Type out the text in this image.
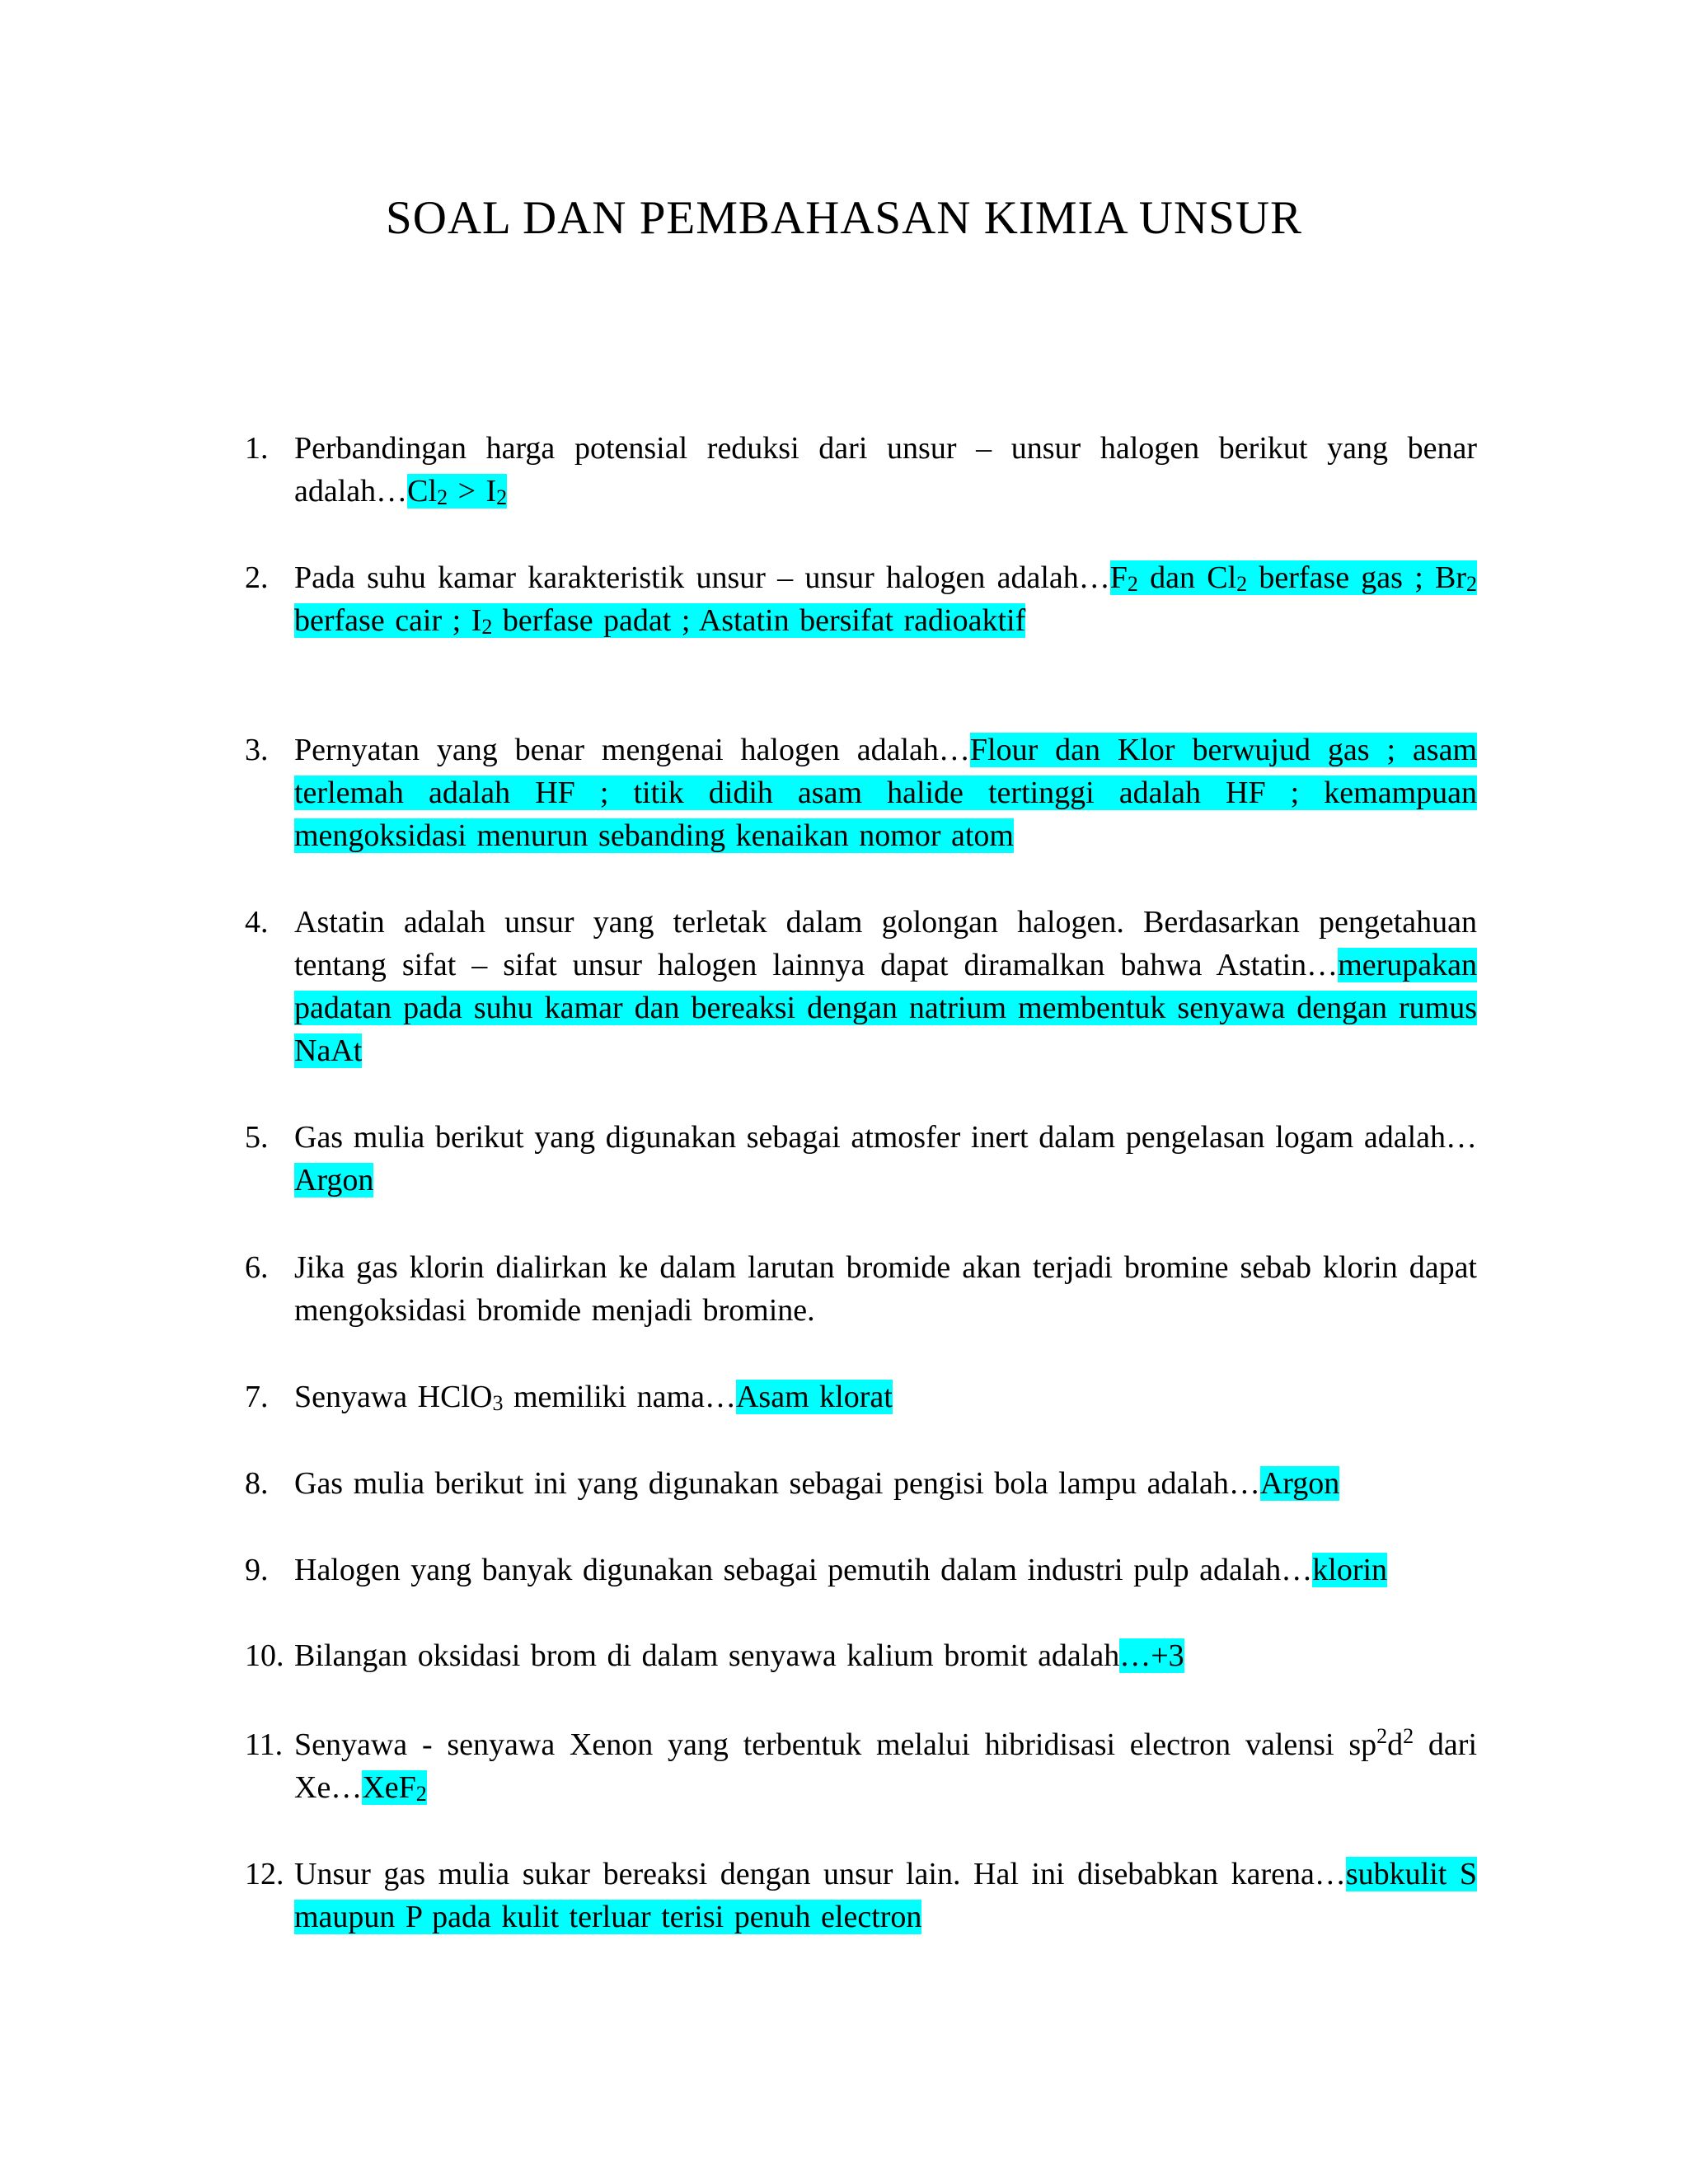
SOAL DAN PEMBAHASAN KIMIA UNSUR
1. Perbandingan harga potensial reduksi dari unsur – unsur halogen berikut yang benar $adalah\dots Cl_2 > I_2$
2. Pada suhu kamar karakteristik unsur – unsur halogen $adalah\dots F_2$ dan $Cl_2$ berfase gas ; $Br_2$ berfase cair ; $I_2$ berfase padat ; Astatin bersifat radioaktif
3. Pernyatan yang benar mengenai halogen adalah…Flour dan Klor berwujud gas ; asam terlemah adalah HF ; titik didih asam halide tertinggi adalah HF ; kemampuan mengoksidasi menurun sebanding kenaikan nomor atom
4. Astatin adalah unsur yang terletak dalam golongan halogen. Berdasarkan pengetahuan tentang sifat – sifat unsur halogen lainnya dapat diramalkan bahwa Astatin…merupakan padatan pada suhu kamar dan bereaksi dengan natrium membentuk senyawa dengan rumus NaAt
5. Gas mulia berikut yang digunakan sebagai atmosfer inert dalam pengelasan logam adalah…Argon
6. Jika gas klorin dialirkan ke dalam larutan bromide akan terjadi bromine sebab klorin dapat mengoksidasi bromide menjadi bromine.
7. Senyawa HClO$_3$ memiliki nama…Asam klorat
8. Gas mulia berikut ini yang digunakan sebagai pengisi bola lampu adalah…Argon
9. Halogen yang banyak digunakan sebagai pemutih dalam industri pulp adalah…klorin
10. Bilangan oksidasi brom di dalam senyawa kalium bromit adalah…+3
11. Senyawa - senyawa Xenon yang terbentuk melalui hibridisasi electron valensi $sp^2d^2$ dari Xe…XeF$_2$
12. Unsur gas mulia sukar bereaksi dengan unsur lain. Hal ini disebabkan karena…subkulit S maupun P pada kulit terluar terisi penuh electron
